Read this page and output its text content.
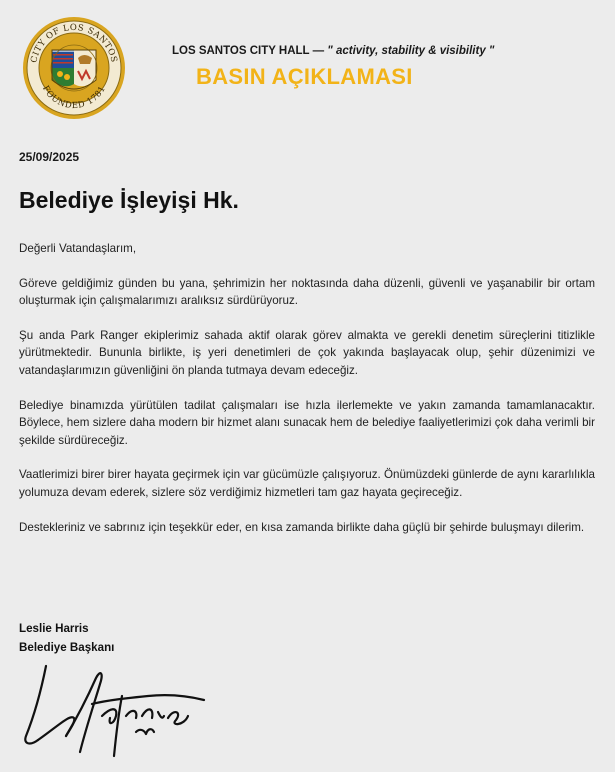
CITY OF LOS SANTOS
FOUNDED 1781
LOS SANTOS CITY HALL — " activity, stability & visibility "
BASIN AÇIKLAMASI
25/09/2025
Belediye İşleyişi Hk.

Değerli Vatandaşlarım,

Göreve geldiğimiz günden bu yana, şehrimizin her noktasında daha düzenli, güvenli ve yaşanabilir bir ortam oluşturmak için çalışmalarımızı aralıksız sürdürüyoruz.

Şu anda Park Ranger ekiplerimiz sahada aktif olarak görev almakta ve gerekli denetim süreçlerini titizlikle yürütmektedir. Bununla birlikte, iş yeri denetimleri de çok yakında başlayacak olup, şehir düzenimizi ve vatandaşlarımızın güvenliğini ön planda tutmaya devam edeceğiz.

Belediye binamızda yürütülen tadilat çalışmaları ise hızla ilerlemekte ve yakın zamanda tamamlanacaktır. Böylece, hem sizlere daha modern bir hizmet alanı sunacak hem de belediye faaliyetlerimizi çok daha verimli bir şekilde sürdüreceğiz.

Vaatlerimizi birer birer hayata geçirmek için var gücümüzle çalışıyoruz. Önümüzdeki günlerde de aynı kararlılıkla yolumuza devam ederek, sizlere söz verdiğimiz hizmetleri tam gaz hayata geçireceğiz.

Destekleriniz ve sabrınız için teşekkür eder, en kısa zamanda birlikte daha güçlü bir şehirde buluşmayı dilerim.

Leslie Harris
Belediye Başkanı
